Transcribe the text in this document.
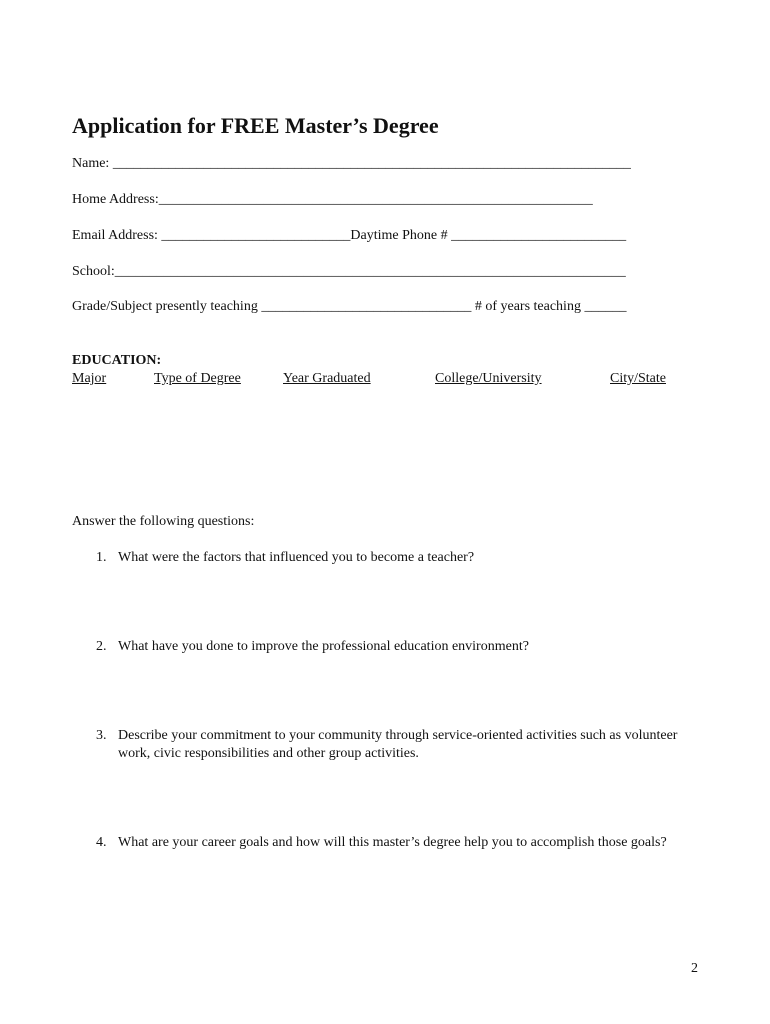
Application for FREE Master’s Degree
Name: __________________________________________________________________________
Home Address:______________________________________________________________
Email Address: ___________________________Daytime Phone # _________________________
School:_________________________________________________________________________
Grade/Subject presently teaching ______________________________ # of years teaching ______
EDUCATION:
Major	Type of Degree	Year Graduated	College/University	City/State
Answer the following questions:
1. What were the factors that influenced you to become a teacher?
2. What have you done to improve the professional education environment?
3. Describe your commitment to your community through service-oriented activities such as volunteer work, civic responsibilities and other group activities.
4. What are your career goals and how will this master’s degree help you to accomplish those goals?
2
